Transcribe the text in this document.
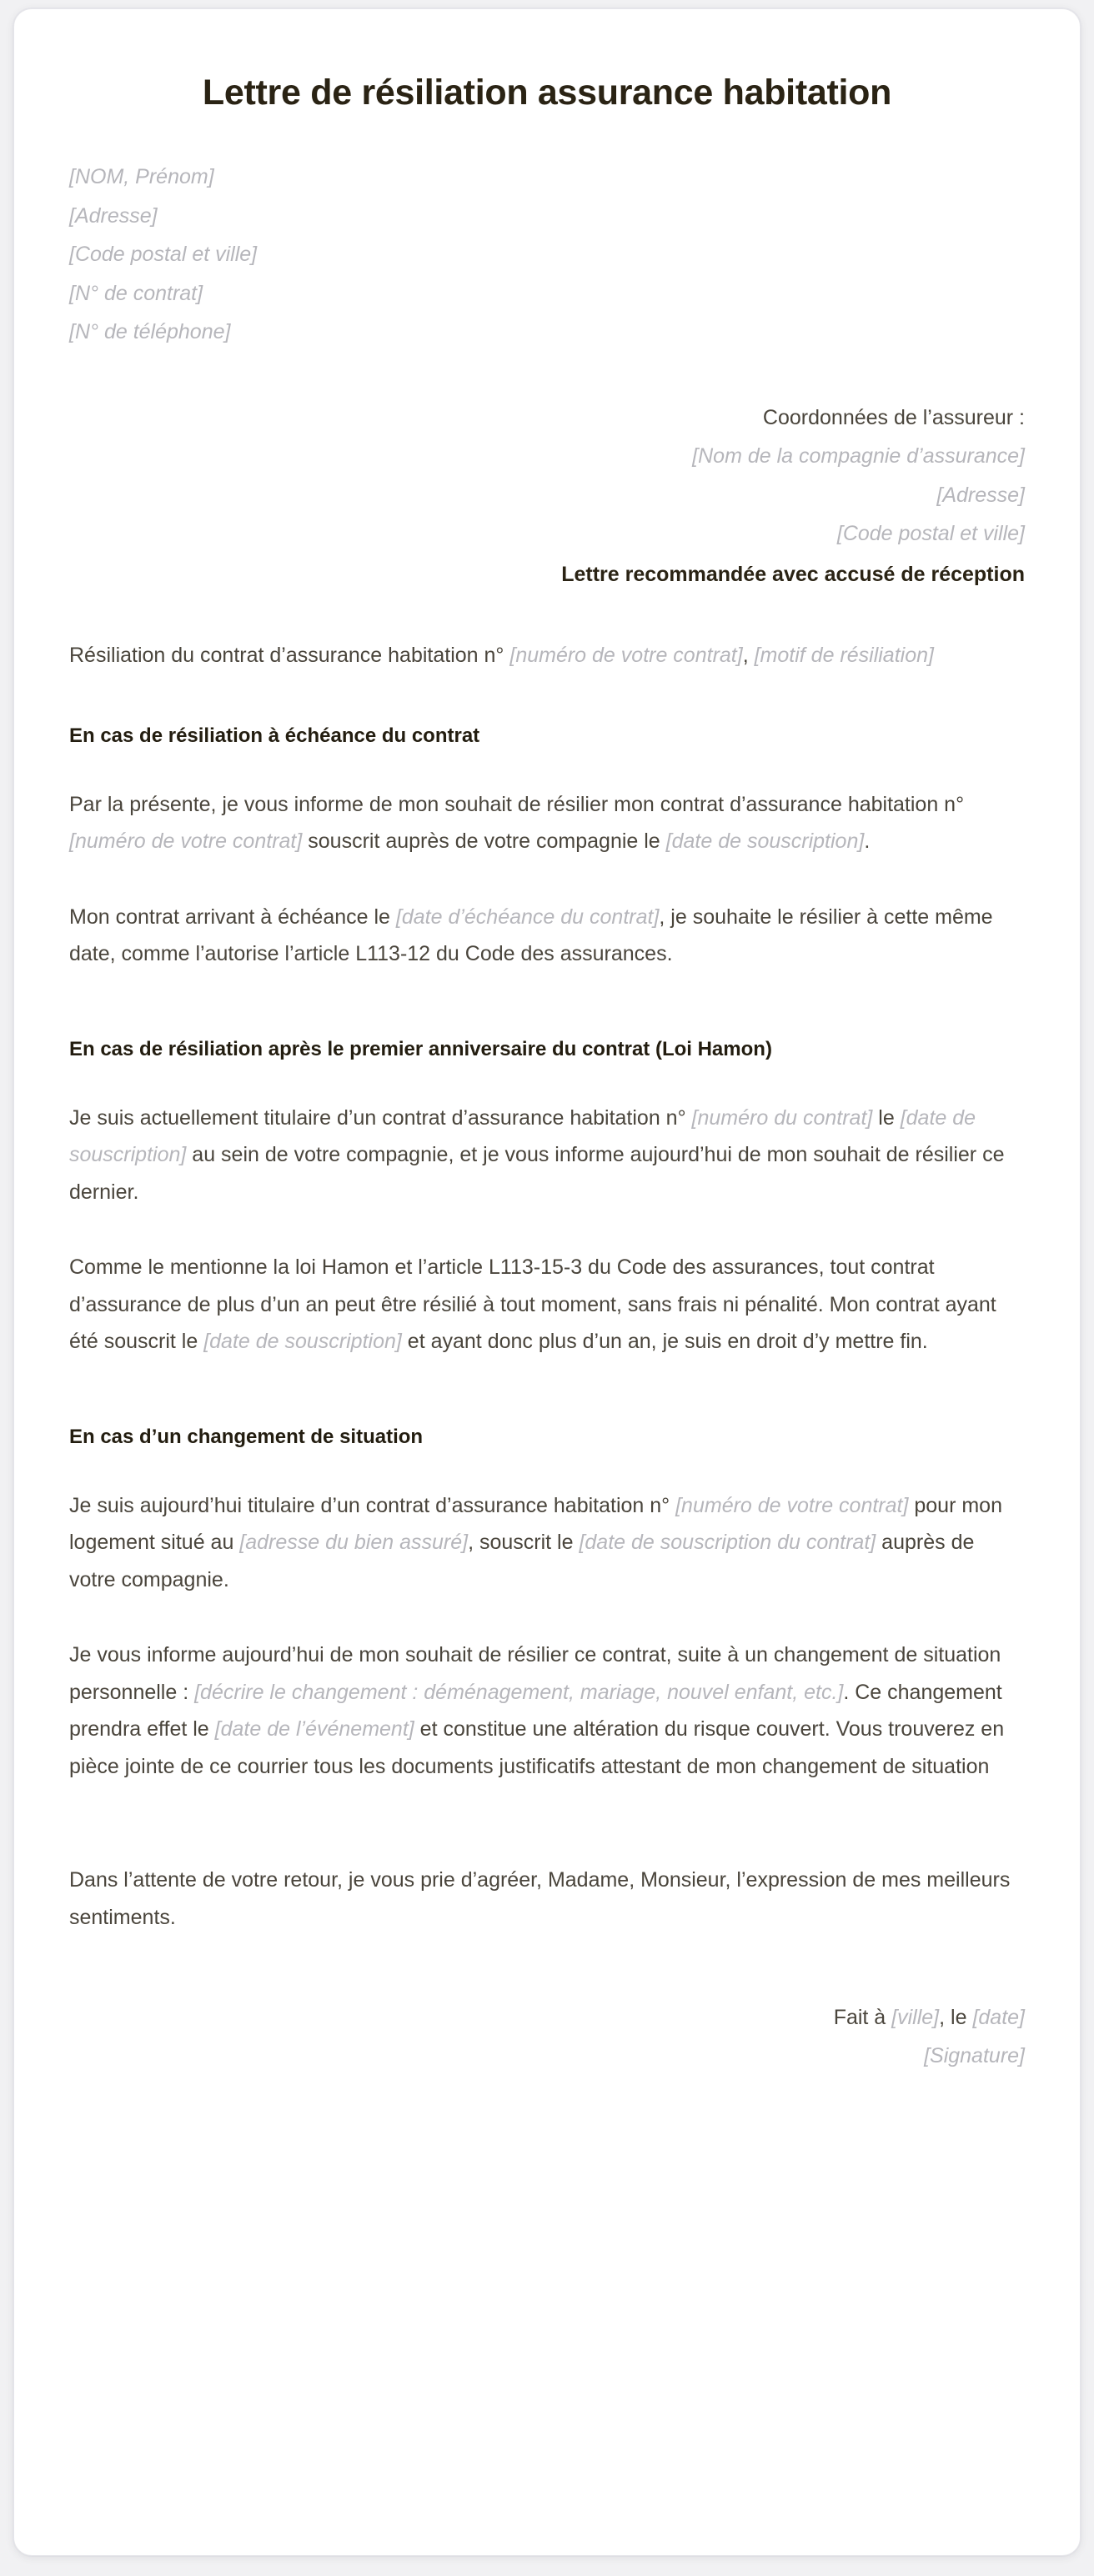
Lettre de résiliation assurance habitation
[NOM, Prénom]
[Adresse]
[Code postal et ville]
[N° de contrat]
[N° de téléphone]
Coordonnées de l’assureur :
[Nom de la compagnie d’assurance]
[Adresse]
[Code postal et ville]
Lettre recommandée avec accusé de réception
Résiliation du contrat d’assurance habitation n° [numéro de votre contrat], [motif de résiliation]
En cas de résiliation à échéance du contrat

Par la présente, je vous informe de mon souhait de résilier mon contrat d’assurance habitation n° [numéro de votre contrat] souscrit auprès de votre compagnie le [date de souscription].

Mon contrat arrivant à échéance le [date d’échéance du contrat], je souhaite le résilier à cette même date, comme l’autorise l’article L113-12 du Code des assurances.

En cas de résiliation après le premier anniversaire du contrat (Loi Hamon)

Je suis actuellement titulaire d’un contrat d’assurance habitation n° [numéro du contrat] le [date de souscription] au sein de votre compagnie, et je vous informe aujourd’hui de mon souhait de résilier ce dernier.

Comme le mentionne la loi Hamon et l’article L113-15-3 du Code des assurances, tout contrat d’assurance de plus d’un an peut être résilié à tout moment, sans frais ni pénalité. Mon contrat ayant été souscrit le [date de souscription] et ayant donc plus d’un an, je suis en droit d’y mettre fin.

En cas d’un changement de situation

Je suis aujourd’hui titulaire d’un contrat d’assurance habitation n° [numéro de votre contrat] pour mon logement situé au [adresse du bien assuré], souscrit le [date de souscription du contrat] auprès de votre compagnie.

Je vous informe aujourd’hui de mon souhait de résilier ce contrat, suite à un changement de situation personnelle : [décrire le changement : déménagement, mariage, nouvel enfant, etc.]. Ce changement prendra effet le [date de l’événement] et constitue une altération du risque couvert. Vous trouverez en pièce jointe de ce courrier tous les documents justificatifs attestant de mon changement de situation

Dans l’attente de votre retour, je vous prie d’agréer, Madame, Monsieur, l’expression de mes meilleurs sentiments.

Fait à [ville], le [date]
[Signature]
